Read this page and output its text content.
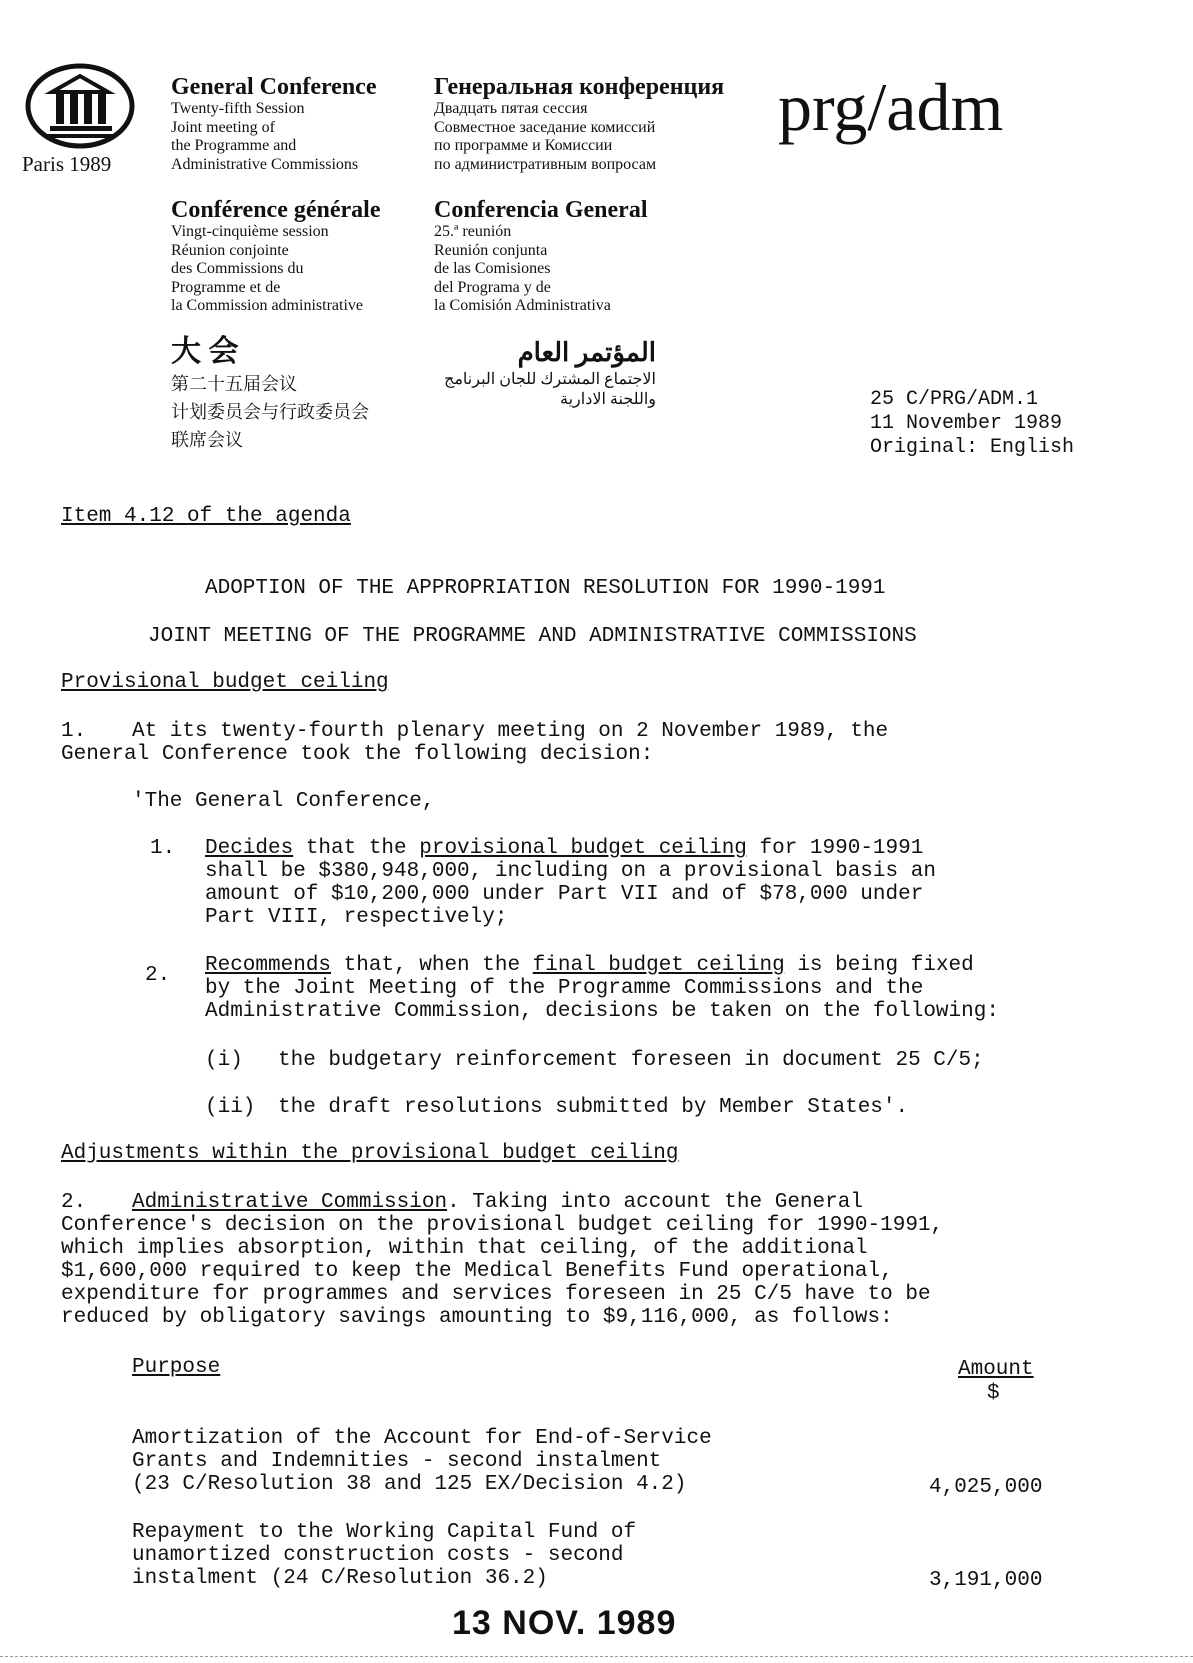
Paris 1989
General Conference
Twenty-fifth Session
Joint meeting of
the Programme and
Administrative Commissions
Генеральная конференция
Двадцать пятая сессия
Совместное заседание комиссий
по программе и Комиссии
по административным вопросам
prg/adm
Conférence générale
Vingt-cinquième session
Réunion conjointe
des Commissions du
Programme et de
la Commission administrative
Conferencia General
25.ª reunión
Reunión conjunta
de las Comisiones
del Programa y de
la Comisión Administrativa
大 会
第二十五届会议
计划委员会与行政委员会
联席会议
المؤتمر العام
الاجتماع المشترك للجان البرنامج
واللجنة الادارية	25 C/PRG/ADM.1
11 November 1989
Original: English
Item 4.12 of the agenda
ADOPTION OF THE APPROPRIATION RESOLUTION FOR 1990-1991
JOINT MEETING OF THE PROGRAMME AND ADMINISTRATIVE COMMISSIONS
Provisional budget ceiling
1. At its twenty-fourth plenary meeting on 2 November 1989, the
General Conference took the following decision:
'The General Conference,
1. Decides that the provisional budget ceiling for 1990-1991
shall be $380,948,000, including on a provisional basis an
amount of $10,200,000 under Part VII and of $78,000 under
Part VIII, respectively;
2. Recommends that, when the final budget ceiling is being fixed
by the Joint Meeting of the Programme Commissions and the
Administrative Commission, decisions be taken on the following:
(i) the budgetary reinforcement foreseen in document 25 C/5;
(ii) the draft resolutions submitted by Member States'.
Adjustments within the provisional budget ceiling
2. Administrative Commission. Taking into account the General
Conference's decision on the provisional budget ceiling for 1990-1991,
which implies absorption, within that ceiling, of the additional
$1,600,000 required to keep the Medical Benefits Fund operational,
expenditure for programmes and services foreseen in 25 C/5 have to be
reduced by obligatory savings amounting to $9,116,000, as follows:
Purpose	Amount
$
Amortization of the Account for End-of-Service
Grants and Indemnities - second instalment
(23 C/Resolution 38 and 125 EX/Decision 4.2)	4,025,000
Repayment to the Working Capital Fund of
unamortized construction costs - second
instalment (24 C/Resolution 36.2)	3,191,000
13 NOV. 1989
